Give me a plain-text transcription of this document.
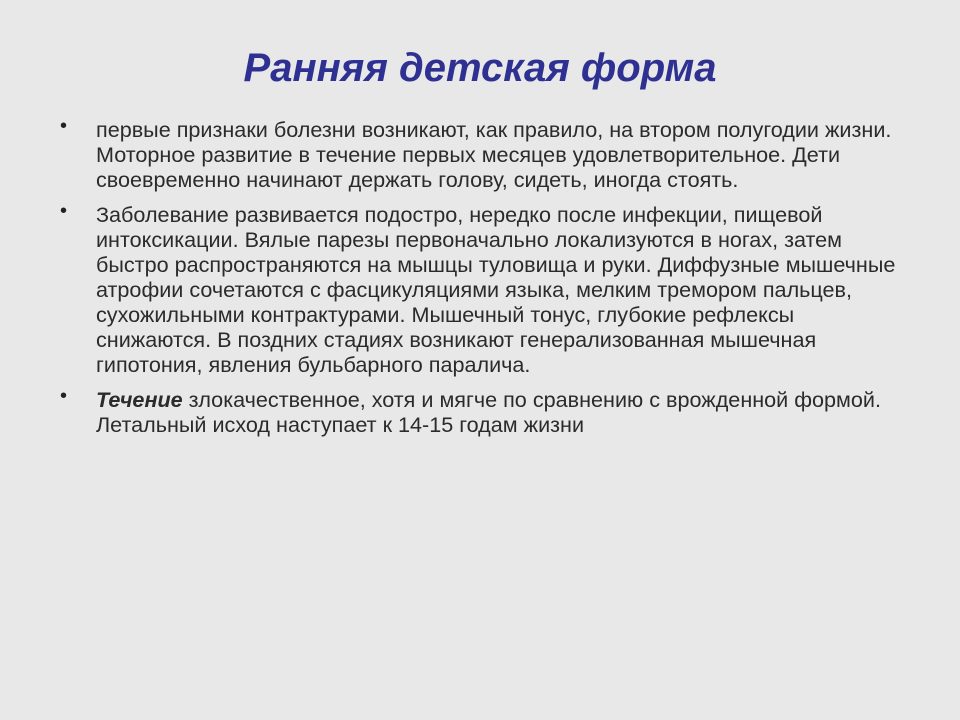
Ранняя детская форма
• первые признаки болезни возникают, как правило, на втором полугодии жизни. Моторное развитие в течение первых месяцев удовлетворительное. Дети своевременно начинают держать голову, сидеть, иногда стоять.
• Заболевание развивается подостро, нередко после инфекции, пищевой интоксикации. Вялые парезы первоначально локализуются в ногах, затем быстро распространяются на мышцы туловища и руки. Диффузные мышечные атрофии сочетаются с фасцикуляциями языка, мелким тремором пальцев, сухожильными контрактурами. Мышечный тонус, глубокие рефлексы снижаются. В поздних стадиях возникают генерализованная мышечная гипотония, явления бульбарного паралича.
• Течение злокачественное, хотя и мягче по сравнению с врожденной формой. Летальный исход наступает к 14-15 годам жизни
